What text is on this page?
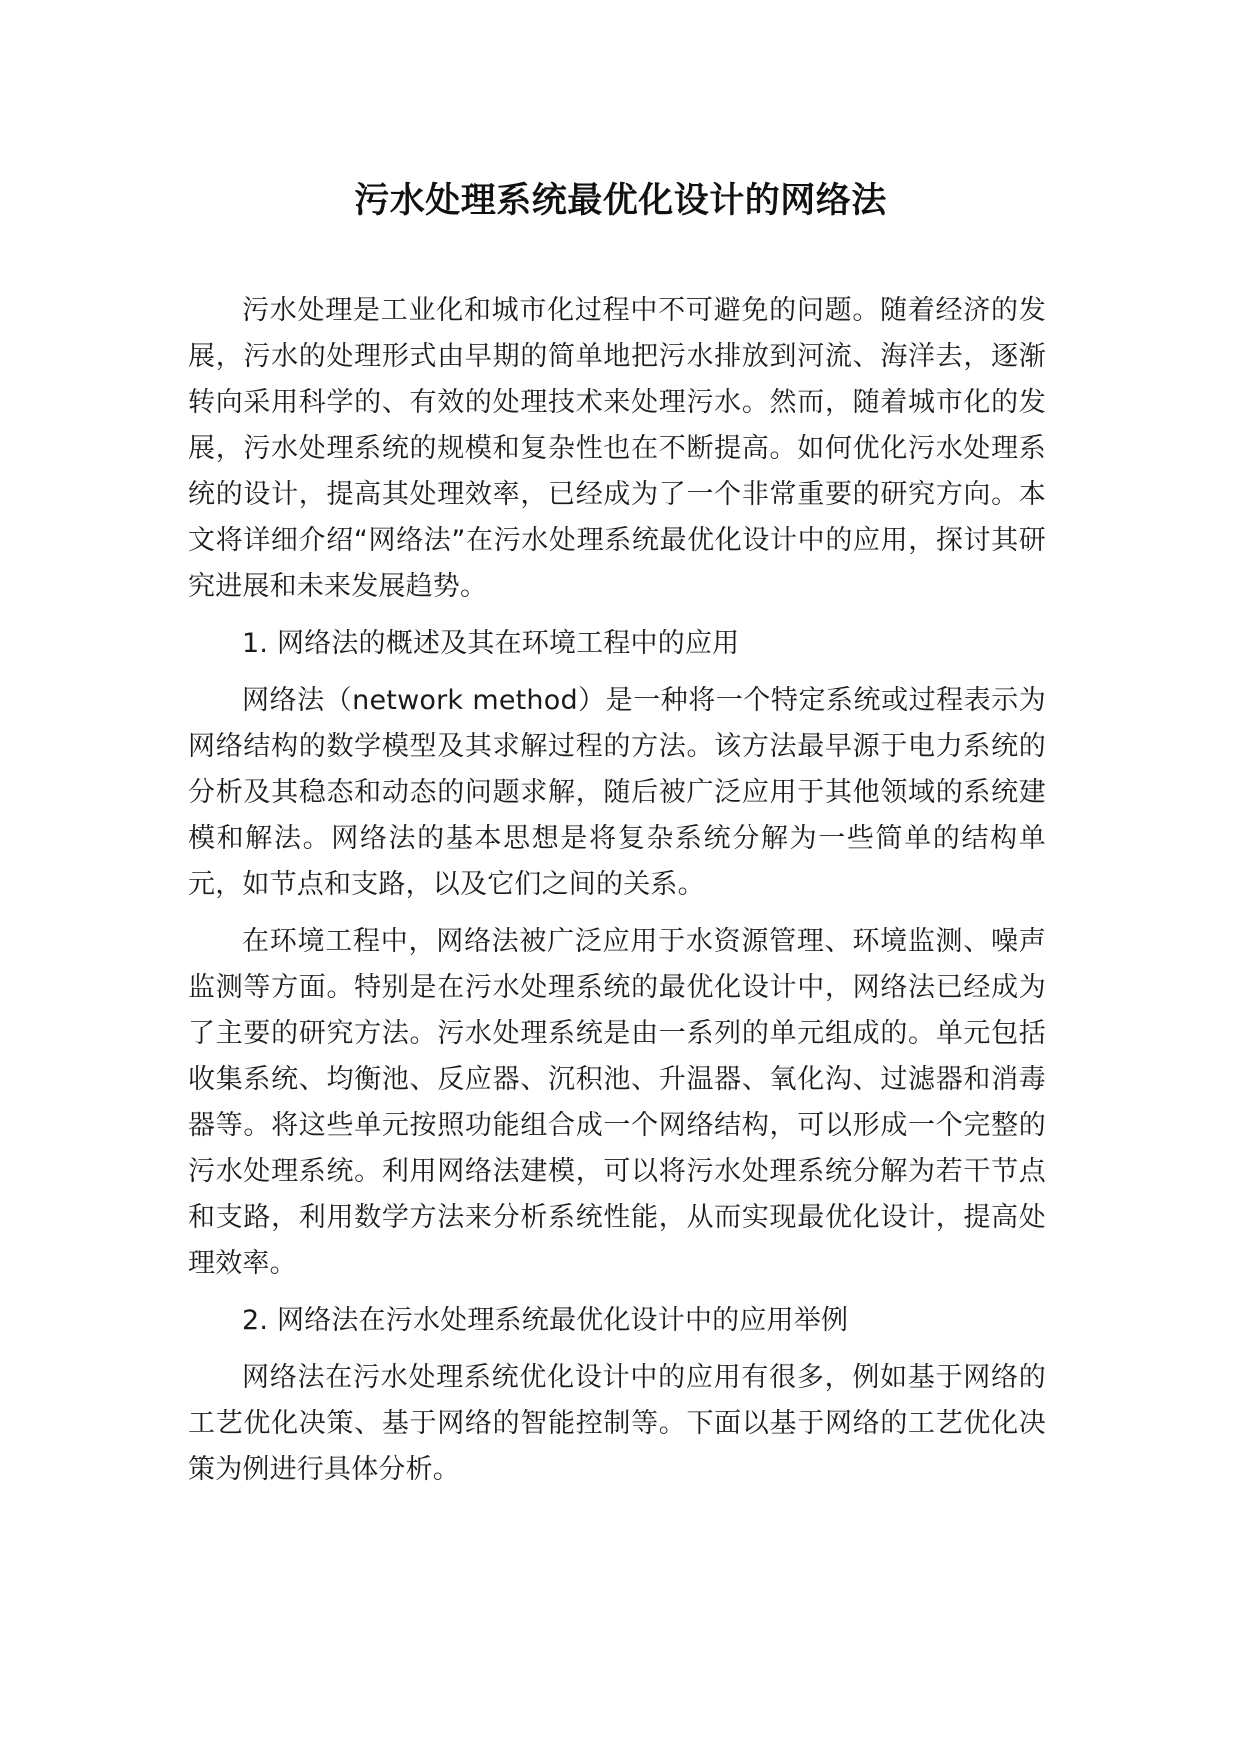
污水处理系统最优化设计的网络法

污水处理是工业化和城市化过程中不可避免的问题。随着经济的发展，污水的处理形式由早期的简单地把污水排放到河流、海洋去，逐渐转向采用科学的、有效的处理技术来处理污水。然而，随着城市化的发展，污水处理系统的规模和复杂性也在不断提高。如何优化污水处理系统的设计，提高其处理效率，已经成为了一个非常重要的研究方向。本文将详细介绍“网络法”在污水处理系统最优化设计中的应用，探讨其研究进展和未来发展趋势。

1. 网络法的概述及其在环境工程中的应用

网络法（network method）是一种将一个特定系统或过程表示为网络结构的数学模型及其求解过程的方法。该方法最早源于电力系统的分析及其稳态和动态的问题求解，随后被广泛应用于其他领域的系统建模和解法。网络法的基本思想是将复杂系统分解为一些简单的结构单元，如节点和支路，以及它们之间的关系。

在环境工程中，网络法被广泛应用于水资源管理、环境监测、噪声监测等方面。特别是在污水处理系统的最优化设计中，网络法已经成为了主要的研究方法。污水处理系统是由一系列的单元组成的。单元包括收集系统、均衡池、反应器、沉积池、升温器、氧化沟、过滤器和消毒器等。将这些单元按照功能组合成一个网络结构，可以形成一个完整的污水处理系统。利用网络法建模，可以将污水处理系统分解为若干节点和支路，利用数学方法来分析系统性能，从而实现最优化设计，提高处理效率。

2. 网络法在污水处理系统最优化设计中的应用举例

网络法在污水处理系统优化设计中的应用有很多，例如基于网络的工艺优化决策、基于网络的智能控制等。下面以基于网络的工艺优化决策为例进行具体分析。
